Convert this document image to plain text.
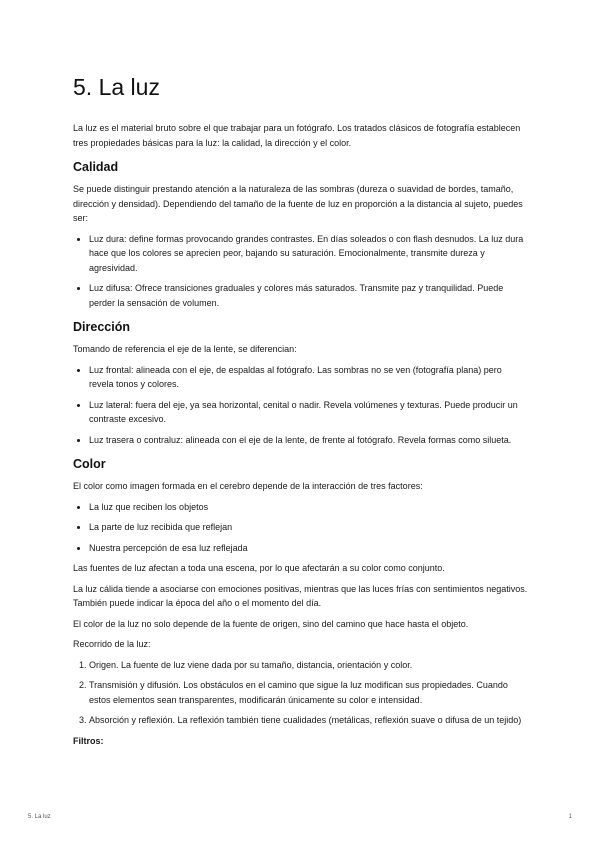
5. La luz

La luz es el material bruto sobre el que trabajar para un fotógrafo. Los tratados clásicos de fotografía establecen tres propiedades básicas para la luz: la calidad, la dirección y el color.

Calidad

Se puede distinguir prestando atención a la naturaleza de las sombras (dureza o suavidad de bordes, tamaño, dirección y densidad). Dependiendo del tamaño de la fuente de luz en proporción a la distancia al sujeto, puedes ser:

• Luz dura: define formas provocando grandes contrastes. En días soleados o con flash desnudos. La luz dura hace que los colores se aprecien peor, bajando su saturación. Emocionalmente, transmite dureza y agresividad.
• Luz difusa: Ofrece transiciones graduales y colores más saturados. Transmite paz y tranquilidad. Puede perder la sensación de volumen.
Dirección

Tomando de referencia el eje de la lente, se diferencian:

• Luz frontal: alineada con el eje, de espaldas al fotógrafo. Las sombras no se ven (fotografía plana) pero revela tonos y colores.
• Luz lateral: fuera del eje, ya sea horizontal, cenital o nadir. Revela volúmenes y texturas. Puede producir un contraste excesivo.
• Luz trasera o contraluz: alineada con el eje de la lente, de frente al fotógrafo. Revela formas como silueta.
Color

El color como imagen formada en el cerebro depende de la interacción de tres factores:

• La luz que reciben los objetos
• La parte de luz recibida que reflejan
• Nuestra percepción de esa luz reflejada

Las fuentes de luz afectan a toda una escena, por lo que afectarán a su color como conjunto.

La luz cálida tiende a asociarse con emociones positivas, mientras que las luces frías con sentimientos negativos. También puede indicar la época del año o el momento del día.

El color de la luz no solo depende de la fuente de origen, sino del camino que hace hasta el objeto.

Recorrido de la luz:

1. Origen. La fuente de luz viene dada por su tamaño, distancia, orientación y color.
2. Transmisión y difusión. Los obstáculos en el camino que sigue la luz modifican sus propiedades. Cuando estos elementos sean transparentes, modificarán únicamente su color e intensidad.
3. Absorción y reflexión. La reflexión también tiene cualidades (metálicas, reflexión suave o difusa de un tejido)

Filtros:

5. La luz	1
